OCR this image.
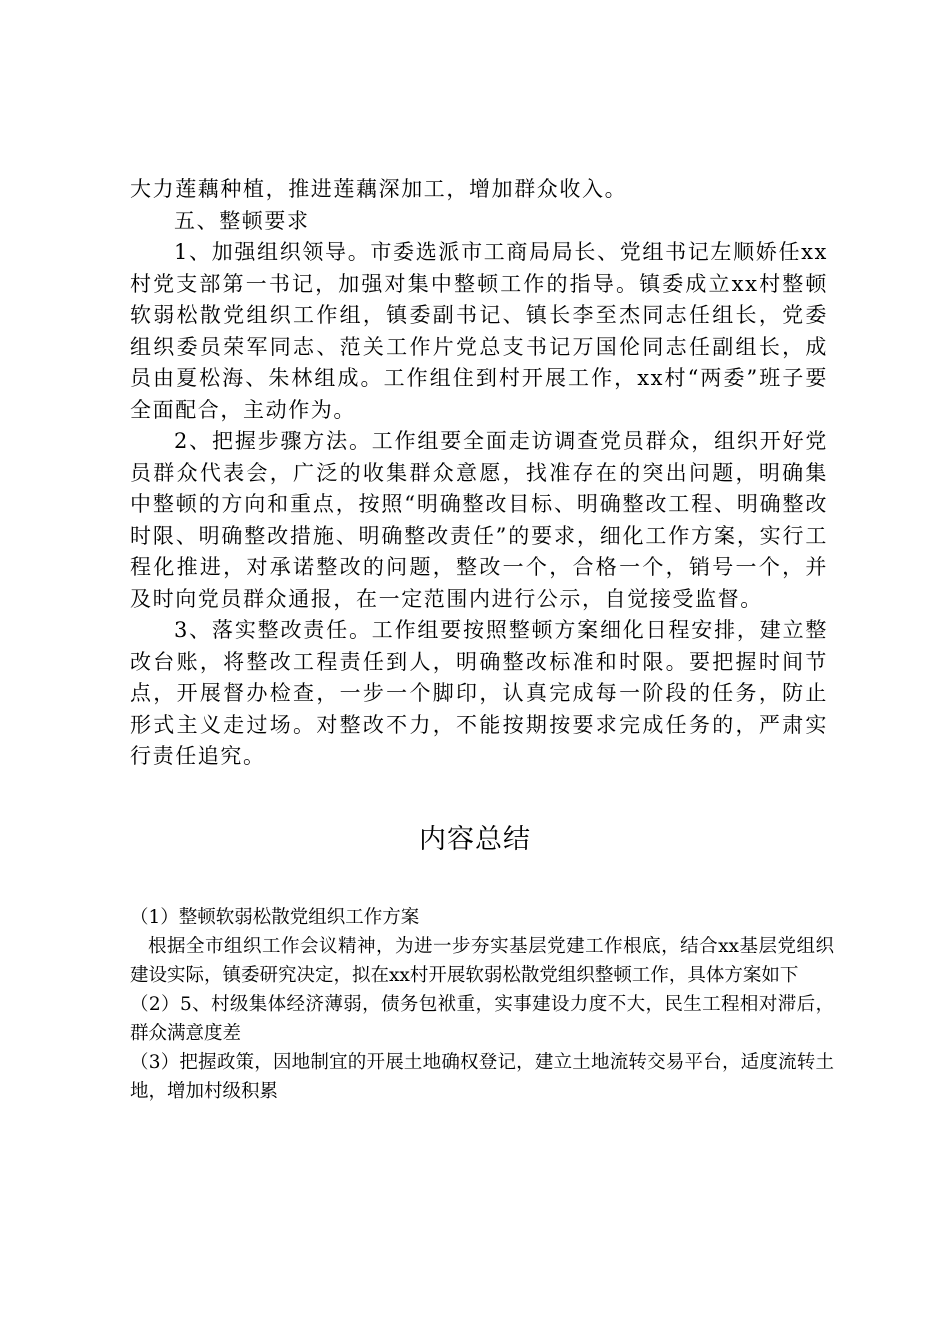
大力莲藕种植，推进莲藕深加工，增加群众收入。

五、整顿要求

1、加强组织领导。市委选派市工商局局长、党组书记左顺娇任xx村党支部第一书记，加强对集中整顿工作的指导。镇委成立xx村整顿软弱松散党组织工作组，镇委副书记、镇长李至杰同志任组长，党委组织委员荣军同志、范关工作片党总支书记万国伦同志任副组长，成员由夏松海、朱林组成。工作组住到村开展工作，xx村“两委”班子要全面配合，主动作为。

2、把握步骤方法。工作组要全面走访调查党员群众，组织开好党员群众代表会，广泛的收集群众意愿，找准存在的突出问题，明确集中整顿的方向和重点，按照“明确整改目标、明确整改工程、明确整改时限、明确整改措施、明确整改责任”的要求，细化工作方案，实行工程化推进，对承诺整改的问题，整改一个，合格一个，销号一个，并及时向党员群众通报，在一定范围内进行公示，自觉接受监督。

3、落实整改责任。工作组要按照整顿方案细化日程安排，建立整改台账，将整改工程责任到人，明确整改标准和时限。要把握时间节点，开展督办检查，一步一个脚印，认真完成每一阶段的任务，防止形式主义走过场。对整改不力，不能按期按要求完成任务的，严肃实行责任追究。

内容总结

（1）整顿软弱松散党组织工作方案

根据全市组织工作会议精神，为进一步夯实基层党建工作根底，结合xx基层党组织建设实际，镇委研究决定，拟在xx村开展软弱松散党组织整顿工作，具体方案如下

（2）5、村级集体经济薄弱，债务包袱重，实事建设力度不大，民生工程相对滞后，群众满意度差

（3）把握政策，因地制宜的开展土地确权登记，建立土地流转交易平台，适度流转土地，增加村级积累
